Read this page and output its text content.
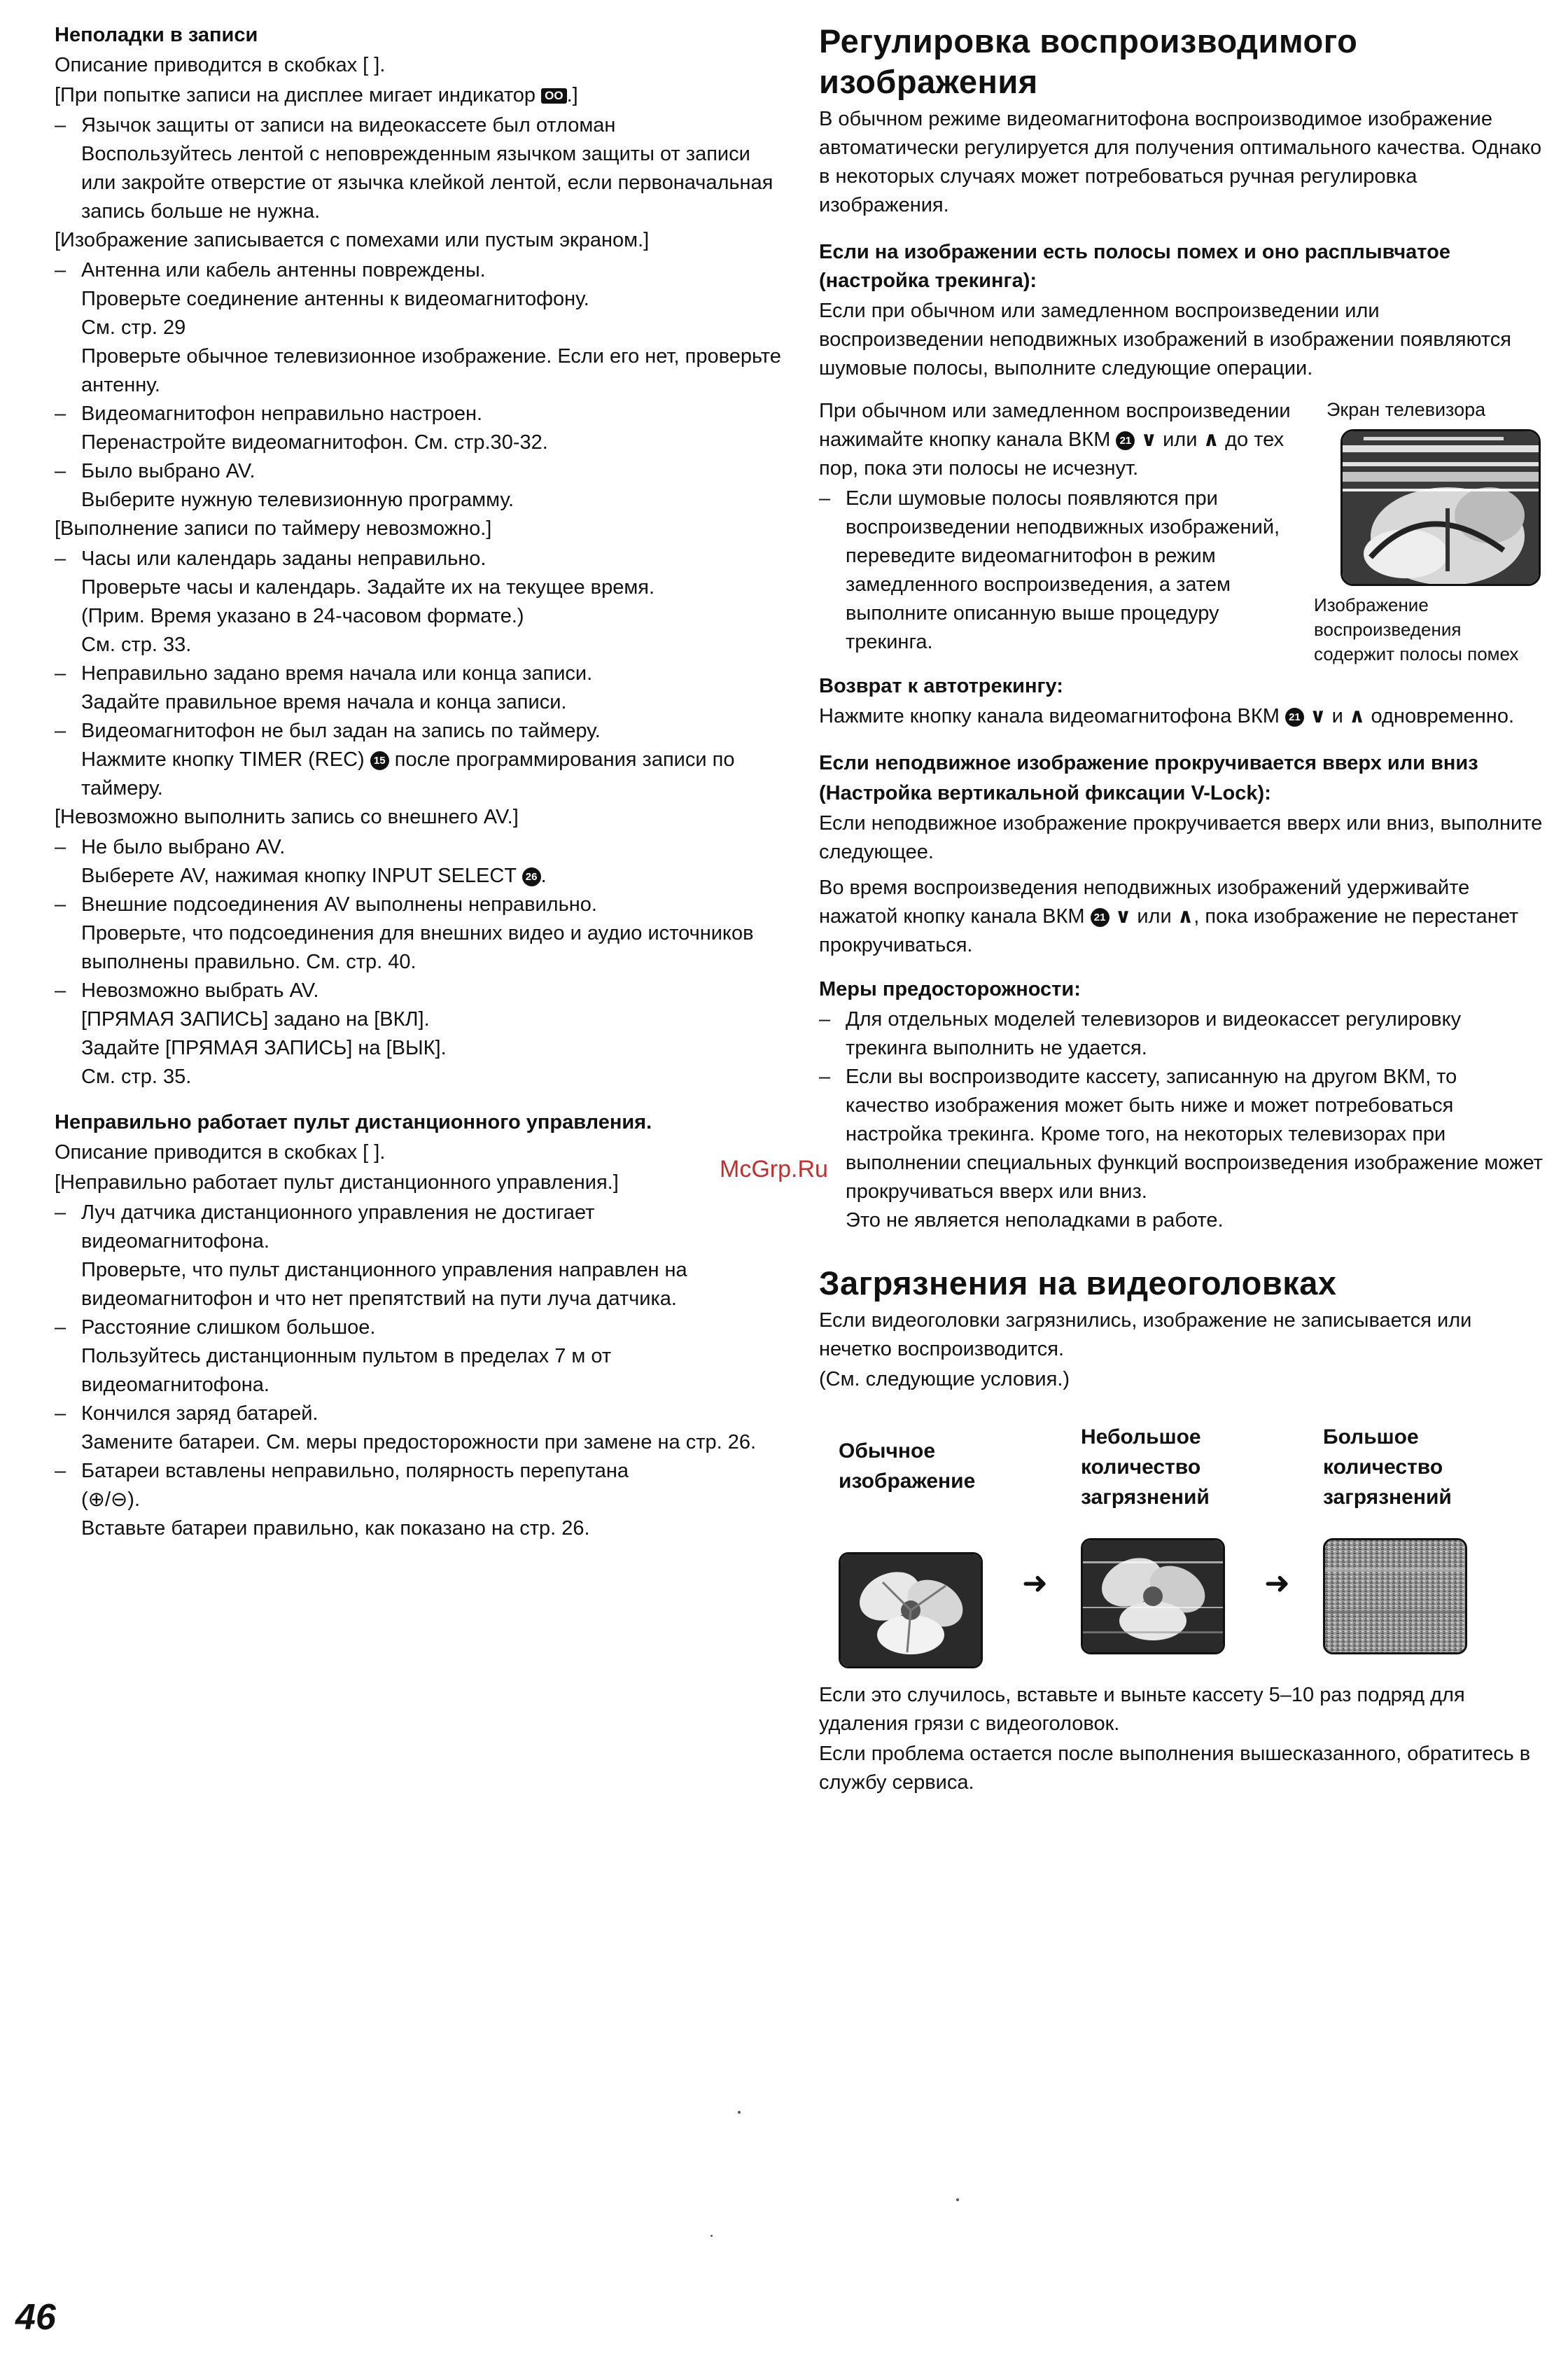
Неполадки в записи

Описание приводится в скобках [ ].

[При попытке записи на дисплее мигает индикатор OO .]

– Язычок защиты от записи на видеокассете был отломан

Воспользуйтесь лентой с неповрежденным язычком защиты от записи или закройте отверстие от язычка клейкой лентой, если первоначальная запись больше не нужна.

[Изображение записывается с помехами или пустым экраном.]

– Антенна или кабель антенны повреждены.

Проверьте соединение антенны к видеомагнитофону.

См. стр. 29

Проверьте обычное телевизионное изображение. Если его нет, проверьте антенну.

– Видеомагнитофон неправильно настроен.

Перенастройте видеомагнитофон. См. стр.30-32.

– Было выбрано AV.

Выберите нужную телевизионную программу.

[Выполнение записи по таймеру невозможно.]

– Часы или календарь заданы неправильно.

Проверьте часы и календарь. Задайте их на текущее время.

(Прим. Время указано в 24-часовом формате.)

См. стр. 33.

– Неправильно задано время начала или конца записи.

Задайте правильное время начала и конца записи.

– Видеомагнитофон не был задан на запись по таймеру.

Нажмите кнопку TIMER (REC) 15 после программирования записи по таймеру.

[Невозможно выполнить запись со внешнего AV.]

– Не было выбрано AV.

Выберете AV, нажимая кнопку INPUT SELECT 26 .

– Внешние подсоединения AV выполнены неправильно.

Проверьте, что подсоединения для внешних видео и аудио источников выполнены правильно. См. стр. 40.

– Невозможно выбрать AV.

[ПРЯМАЯ ЗАПИСЬ] задано на [ВКЛ].

Задайте [ПРЯМАЯ ЗАПИСЬ] на [ВЫК].

См. стр. 35.

Неправильно работает пульт дистанционного управления.

Описание приводится в скобках [ ].

[Неправильно работает пульт дистанционного управления.]

– Луч датчика дистанционного управления не достигает видеомагнитофона.

Проверьте, что пульт дистанционного управления направлен на видеомагнитофон и что нет препятствий на пути луча датчика.

– Расстояние слишком большое.

Пользуйтесь дистанционным пультом в пределах 7 м от видеомагнитофона.

– Кончился заряд батарей.

Замените батареи. См. меры предосторожности при замене на стр. 26.

– Батареи вставлены неправильно, полярность перепутана

(⊕/⊖).

Вставьте батареи правильно, как показано на стр. 26.

Регулировка воспроизводимого изображения

В обычном режиме видеомагнитофона воспроизводимое изображение автоматически регулируется для получения оптимального качества. Однако в некоторых случаях может потребоваться ручная регулировка изображения.

Если на изображении есть полосы помех и оно расплывчатое (настройка трекинга):

Если при обычном или замедленном воспроизведении или воспроизведении неподвижных изображений в изображении появляются шумовые полосы, выполните следующие операции.

При обычном или замедленном воспроизведении нажимайте кнопку канала ВКМ 21 ∨ или ∧ до тех пор, пока эти полосы не исчезнут.

– Если шумовые полосы появляются при воспроизведении неподвижных изображений, переведите видеомагнитофон в режим замедленного воспроизведения, а затем выполните описанную выше процедуру трекинга.

Экран телевизора
Изображение воспроизведения содержит полосы помех

Возврат к автотрекингу:

Нажмите кнопку канала видеомагнитофона ВКМ 21 ∨ и ∧ одновременно.

Если неподвижное изображение прокручивается вверх или вниз

(Настройка вертикальной фиксации V-Lock):

Если неподвижное изображение прокручивается вверх или вниз, выполните следующее.

Во время воспроизведения неподвижных изображений удерживайте нажатой кнопку канала ВКМ 21 ∨ или ∧, пока изображение не перестанет прокручиваться.

Меры предосторожности:

– Для отдельных моделей телевизоров и видеокассет регулировку трекинга выполнить не удается.

– Если вы воспроизводите кассету, записанную на другом ВКМ, то качество изображения может быть ниже и может потребоваться настройка трекинга. Кроме того, на некоторых телевизорах при выполнении специальных функций воспроизведения изображение может прокручиваться вверх или вниз.

Это не является неполадками в работе.

Загрязнения на видеоголовках

Если видеоголовки загрязнились, изображение не записывается или нечетко воспроизводится.

(См. следующие условия.)

Обычное изображение
➜
Небольшое количество загрязнений
➜
Большое количество загрязнений

Если это случилось, вставьте и выньте кассету 5–10 раз подряд для удаления грязи с видеоголовок.

Если проблема остается после выполнения вышесказанного, обратитесь в службу сервиса.

McGrp.Ru
46
